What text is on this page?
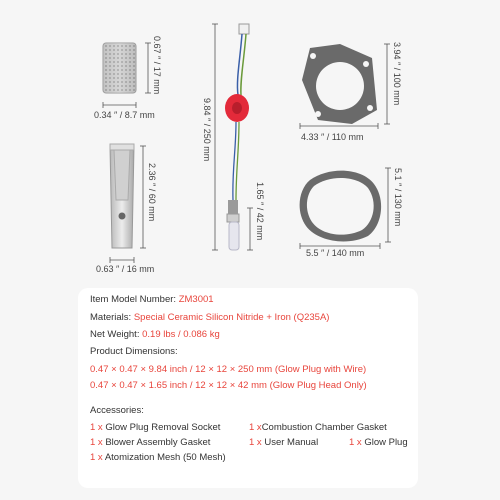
0.67 ″ / 17 mm
0.34 ″ / 8.7 mm
2.36 ″ / 60 mm
0.63 ″ / 16 mm
9.84 ″ / 250 mm
1.65 ″ / 42 mm
3.94 ″ / 100 mm
4.33 ″ / 110 mm
5.1 ″ / 130 mm
5.5 ″ / 140 mm
Item Model Number: ZM3001
Materials: Special Ceramic Silicon Nitride + Iron (Q235A)
Net Weight: 0.19 lbs / 0.086 kg
Product Dimensions:
0.47 × 0.47 × 9.84 inch / 12 × 12 × 250 mm (Glow Plug with Wire)
0.47 × 0.47 × 1.65 inch / 12 × 12 × 42 mm (Glow Plug Head Only)
Accessories:
1 x Glow Plug Removal Socket	1 xCombustion Chamber Gasket
1 x Blower Assembly Gasket	1 x User Manual	1 x Glow Plug
1 x Atomization Mesh (50 Mesh)
